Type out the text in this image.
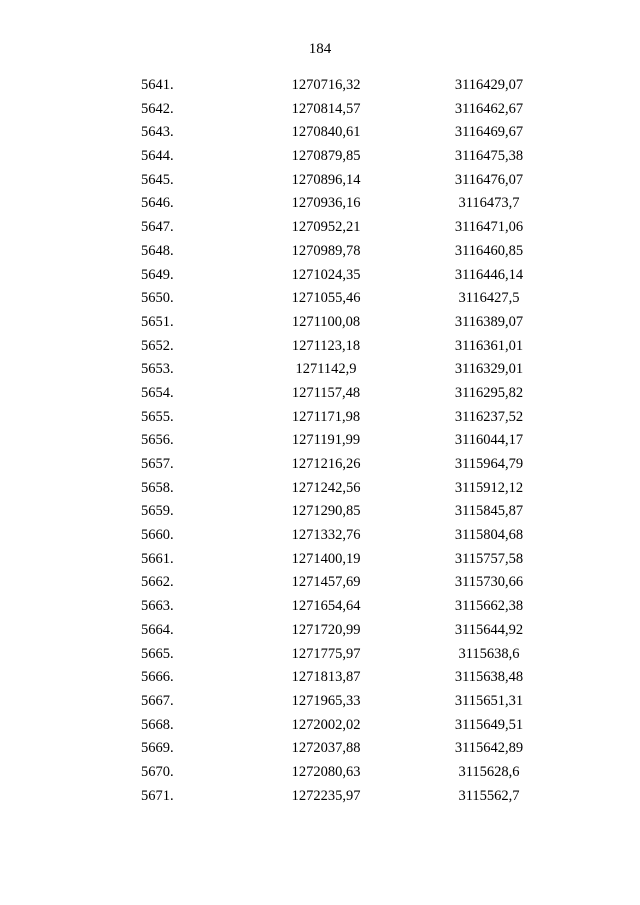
184
5641.	1270716,32	3116429,07
5642.	1270814,57	3116462,67
5643.	1270840,61	3116469,67
5644.	1270879,85	3116475,38
5645.	1270896,14	3116476,07
5646.	1270936,16	3116473,7
5647.	1270952,21	3116471,06
5648.	1270989,78	3116460,85
5649.	1271024,35	3116446,14
5650.	1271055,46	3116427,5
5651.	1271100,08	3116389,07
5652.	1271123,18	3116361,01
5653.	1271142,9	3116329,01
5654.	1271157,48	3116295,82
5655.	1271171,98	3116237,52
5656.	1271191,99	3116044,17
5657.	1271216,26	3115964,79
5658.	1271242,56	3115912,12
5659.	1271290,85	3115845,87
5660.	1271332,76	3115804,68
5661.	1271400,19	3115757,58
5662.	1271457,69	3115730,66
5663.	1271654,64	3115662,38
5664.	1271720,99	3115644,92
5665.	1271775,97	3115638,6
5666.	1271813,87	3115638,48
5667.	1271965,33	3115651,31
5668.	1272002,02	3115649,51
5669.	1272037,88	3115642,89
5670.	1272080,63	3115628,6
5671.	1272235,97	3115562,7
